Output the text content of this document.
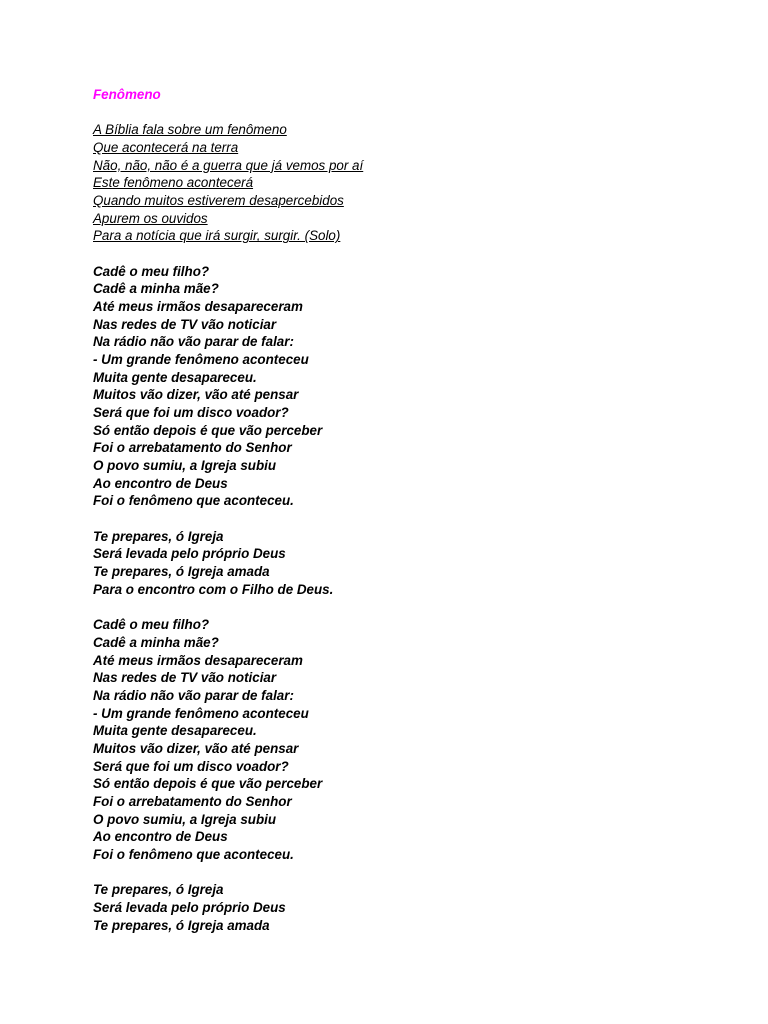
Fenômeno
A Bíblia fala sobre um fenômeno
Que acontecerá na terra
Não, não, não é a guerra que já vemos por aí
Este fenômeno acontecerá
Quando muitos estiverem desapercebidos
Apurem os ouvidos
Para a notícia que irá surgir, surgir. (Solo)
Cadê o meu filho?
Cadê a minha mãe?
Até meus irmãos desapareceram
Nas redes de TV vão noticiar
Na rádio não vão parar de falar:
- Um grande fenômeno aconteceu
Muita gente desapareceu.
Muitos vão dizer, vão até pensar
Será que foi um disco voador?
Só então depois é que vão perceber
Foi o arrebatamento do Senhor
O povo sumiu, a Igreja subiu
Ao encontro de Deus
Foi o fenômeno que aconteceu.
Te prepares, ó Igreja
Será levada pelo próprio Deus
Te prepares, ó Igreja amada
Para o encontro com o Filho de Deus.
Cadê o meu filho?
Cadê a minha mãe?
Até meus irmãos desapareceram
Nas redes de TV vão noticiar
Na rádio não vão parar de falar:
- Um grande fenômeno aconteceu
Muita gente desapareceu.
Muitos vão dizer, vão até pensar
Será que foi um disco voador?
Só então depois é que vão perceber
Foi o arrebatamento do Senhor
O povo sumiu, a Igreja subiu
Ao encontro de Deus
Foi o fenômeno que aconteceu.
Te prepares, ó Igreja
Será levada pelo próprio Deus
Te prepares, ó Igreja amada
